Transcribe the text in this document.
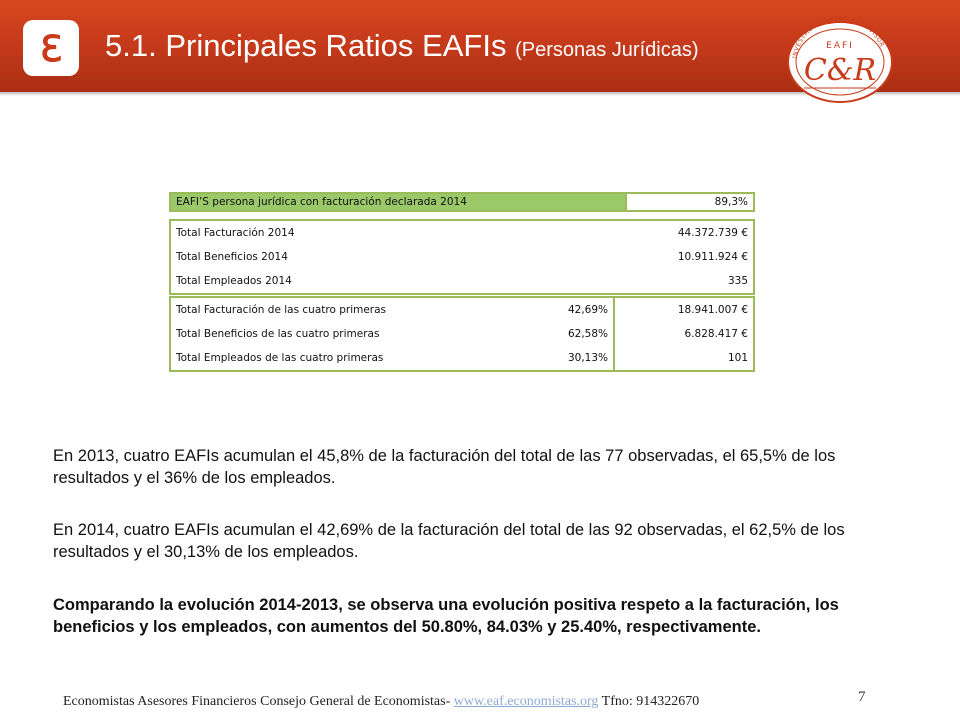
ℇ 5.1. Principales Ratios EAFIs (Personas Jurídicas)	INVESTMENT FINANCIAL ADVISOR
EAFI
C&R
EAFI’S persona jurídica con facturación declarada 2014	89,3%
Total Facturación 2014	44.372.739 €
Total Beneficios 2014	10.911.924 €
Total Empleados 2014	335
Total Facturación de las cuatro primeras	42,69%	18.941.007 €
Total Beneficios de las cuatro primeras	62,58%	6.828.417 €
Total Empleados de las cuatro primeras	30,13%	101

En 2013, cuatro EAFIs acumulan el 45,8% de la facturación del total de las 77 observadas, el 65,5% de los resultados y el 36% de los empleados.

En 2014, cuatro EAFIs acumulan el 42,69% de la facturación del total de las 92 observadas, el 62,5% de los resultados y el 30,13% de los empleados.

Comparando la evolución 2014-2013, se observa una evolución positiva respeto a la facturación, los beneficios y los empleados, con aumentos del 50.80%, 84.03% y 25.40%, respectivamente.

Economistas Asesores Financieros Consejo General de Economistas- www.eaf.economistas.org Tfno: 914322670	7
